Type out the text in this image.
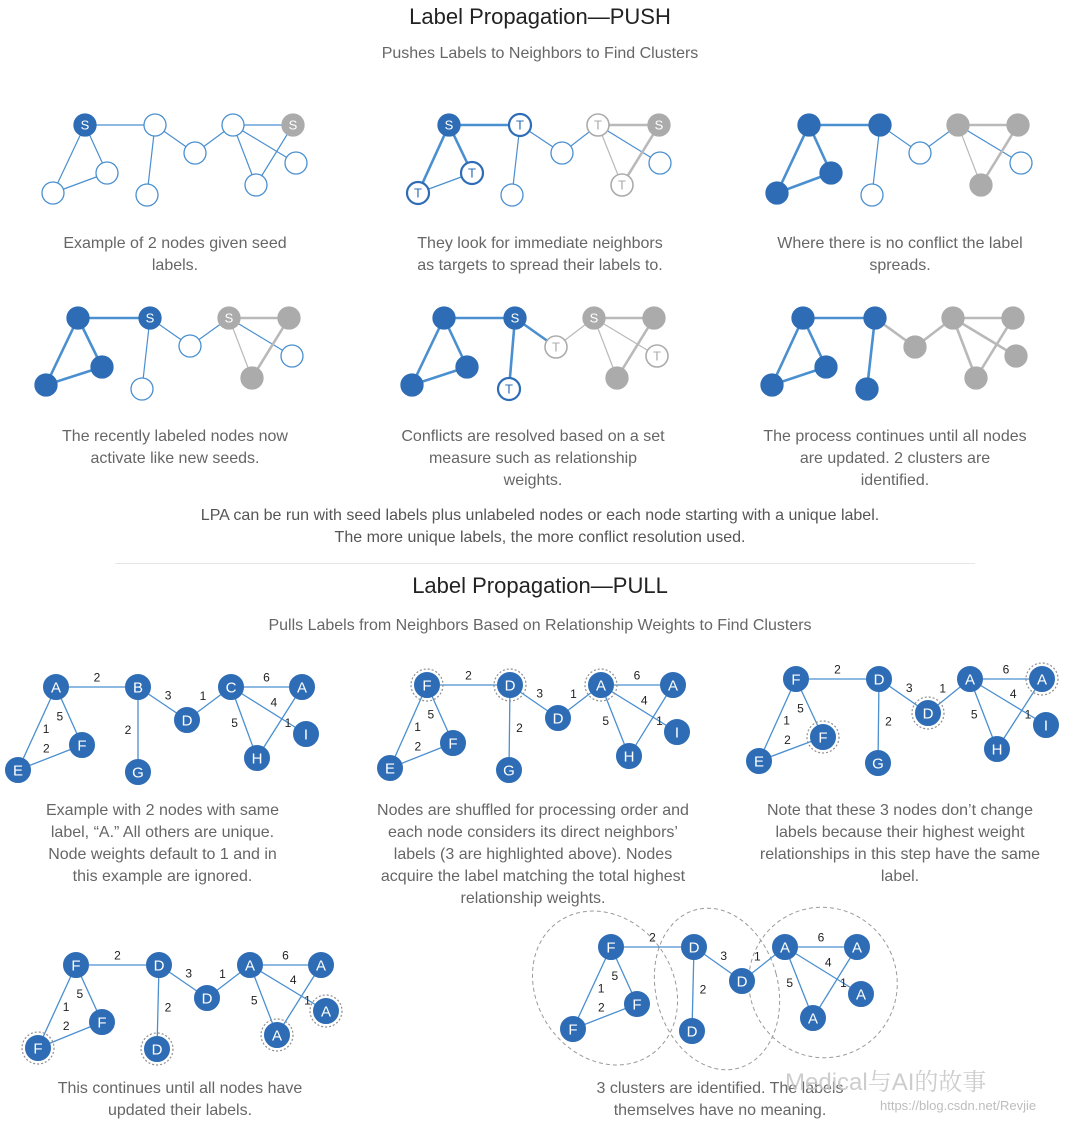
Label Propagation—PUSH
Pushes Labels to Neighbors to Find Clusters
S	S	S	T
T
T
T	S
T
S	S	S
T
T
S
T
2
1
5
2
2
3 1
6
5
4
1
A	B
E
F
G
D
C	A
H
I
2
1
5
2
2
3 1
6
5
4
1
F	D
E
F
G
D
A	A
H
I
2
1
5
2
2
3 1
6
5
4
1
F	D
E
F
G
D
A	A
H
I
2
1
5
2
2
3 1
6
5
4
1
F	D
F
F
D
D
A	A
A
A
2
1
5
2
2
3 1
6
5
4
1
F	D
F
F
D
D
A	A
A
A
Example of 2 nodes given seed
labels.
They look for immediate neighbors
as targets to spread their labels to.
Where there is no conflict the label
spreads.
The recently labeled nodes now
activate like new seeds.
Conflicts are resolved based on a set
measure such as relationship
weights.
The process continues until all nodes
are updated. 2 clusters are
identified.
LPA can be run with seed labels plus unlabeled nodes or each node starting with a unique label.
The more unique labels, the more conflict resolution used.
Label Propagation—PULL
Pulls Labels from Neighbors Based on Relationship Weights to Find Clusters
Example with 2 nodes with same
label, “A.” All others are unique.
Node weights default to 1 and in
this example are ignored.
Nodes are shuffled for processing order and
each node considers its direct neighbors’
labels (3 are highlighted above). Nodes
acquire the label matching the total highest
relationship weights.
Note that these 3 nodes don’t change
labels because their highest weight
relationships in this step have the same
label.
This continues until all nodes have
updated their labels.
3 clusters are identified. The labels
themselves have no meaning.
Medical与AI的故事
https://blog.csdn.net/Revjie
